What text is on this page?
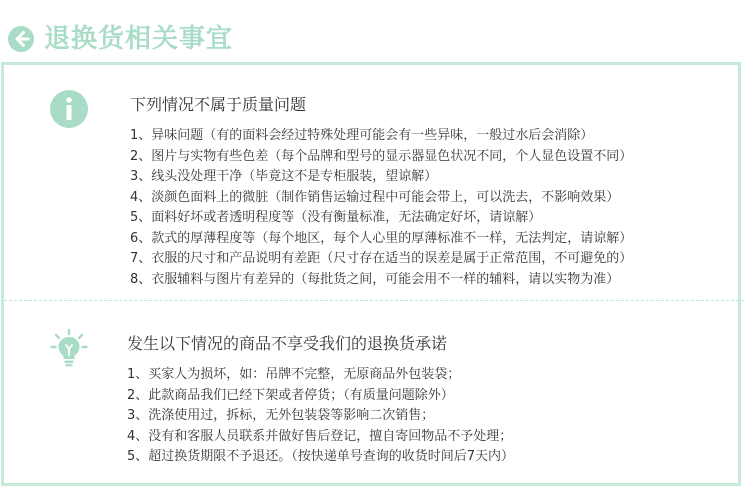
退换货相关事宜
下列情况不属于质量问题
1、异味问题（有的面料会经过特殊处理可能会有一些异味，一般过水后会消除）
2、图片与实物有些色差（每个品牌和型号的显示器显色状况不同，个人显色设置不同）
3、线头没处理干净（毕竟这不是专柜服装，望谅解）
4、淡颜色面料上的微脏（制作销售运输过程中可能会带上，可以洗去，不影响效果）
5、面料好坏或者透明程度等（没有衡量标准，无法确定好坏，请谅解）
6、款式的厚薄程度等（每个地区，每个人心里的厚薄标准不一样，无法判定，请谅解）
7、衣服的尺寸和产品说明有差距（尺寸存在适当的误差是属于正常范围，不可避免的）
8、衣服辅料与图片有差异的（每批货之间，可能会用不一样的辅料，请以实物为准）
发生以下情况的商品不享受我们的退换货承诺
1、买家人为损坏，如：吊牌不完整，无原商品外包装袋；
2、此款商品我们已经下架或者停货；（有质量问题除外）
3、洗涤使用过，拆标，无外包装袋等影响二次销售；
4、没有和客服人员联系并做好售后登记，擅自寄回物品不予处理；
5、超过换货期限不予退还。（按快递单号查询的收货时间后7天内）
